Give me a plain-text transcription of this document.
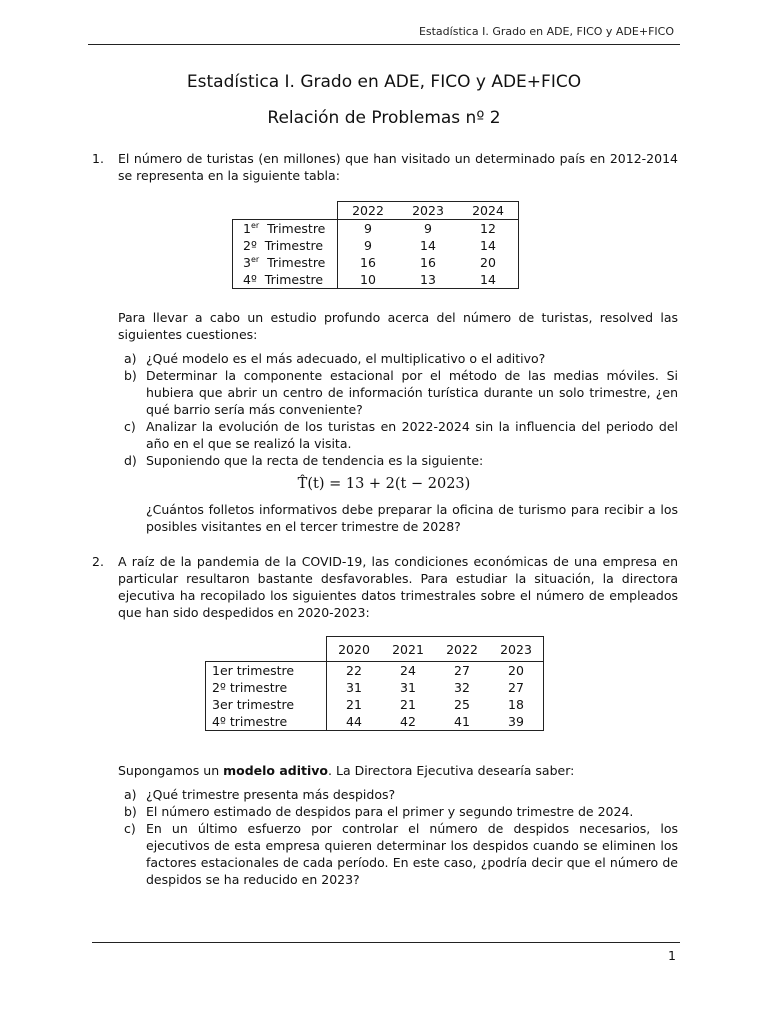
Estadística I. Grado en ADE, FICO y ADE+FICO
Estadística I. Grado en ADE, FICO y ADE+FICO
Relación de Problemas nº 2
1. El número de turistas (en millones) que han visitado un determinado país en 2012-2014 se representa en la siguiente tabla:
	2022	2023	2024
1er Trimestre	9	9	12
2º Trimestre	9	14	14
3er Trimestre	16	16	20
4º Trimestre	10	13	14
Para llevar a cabo un estudio profundo acerca del número de turistas, resolved las siguientes cuestiones:
a) ¿Qué modelo es el más adecuado, el multiplicativo o el aditivo?
b) Determinar la componente estacional por el método de las medias móviles. Si hubiera que abrir un centro de información turística durante un solo trimestre, ¿en qué barrio sería más conveniente?
c) Analizar la evolución de los turistas en 2022-2024 sin la influencia del periodo del año en el que se realizó la visita.
d) Suponiendo que la recta de tendencia es la siguiente:
T̂(t) = 13 + 2(t − 2023)
¿Cuántos folletos informativos debe preparar la oficina de turismo para recibir a los posibles visitantes en el tercer trimestre de 2028?
2. A raíz de la pandemia de la COVID-19, las condiciones económicas de una empresa en particular resultaron bastante desfavorables. Para estudiar la situación, la directora ejecutiva ha recopilado los siguientes datos trimestrales sobre el número de empleados que han sido despedidos en 2020-2023:
	2020	2021	2022	2023
1er trimestre	22	24	27	20
2º trimestre	31	31	32	27
3er trimestre	21	21	25	18
4º trimestre	44	42	41	39
Supongamos un modelo aditivo. La Directora Ejecutiva desearía saber:
a) ¿Qué trimestre presenta más despidos?
b) El número estimado de despidos para el primer y segundo trimestre de 2024.
c) En un último esfuerzo por controlar el número de despidos necesarios, los ejecutivos de esta empresa quieren determinar los despidos cuando se eliminen los factores estacionales de cada período. En este caso, ¿podría decir que el número de despidos se ha reducido en 2023?
1
